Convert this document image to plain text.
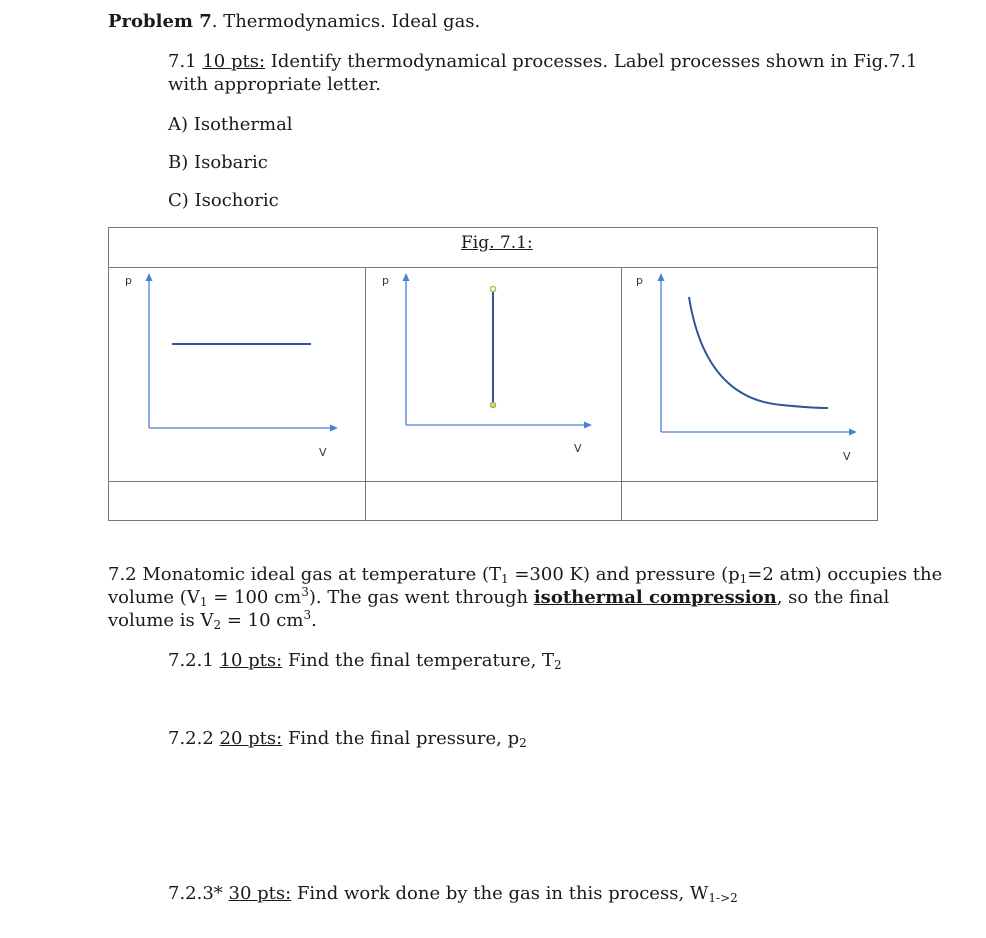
Problem 7. Thermodynamics. Ideal gas.
7.1 10 pts: Identify thermodynamical processes. Label processes shown in Fig.7.1
with appropriate letter.
A) Isothermal
B) Isobaric
C) Isochoric
Fig. 7.1:
p
V
p
V
p
V
7.2 Monatomic ideal gas at temperature ($T_1 =300$ K) and pressure ($p_1=2$ atm) occupies the
volume ($V_1 = 100$ $cm^3$). The gas went through isothermal compression, so the final
volume is $V_2 = 10$ $cm^3$.
7.2.1 10 pts: Find the final temperature, $T_2$
7.2.2 20 pts: Find the final pressure, $p_2$
7.2.3* 30 pts: Find work done by the gas in this process, $W_{1->2}$
